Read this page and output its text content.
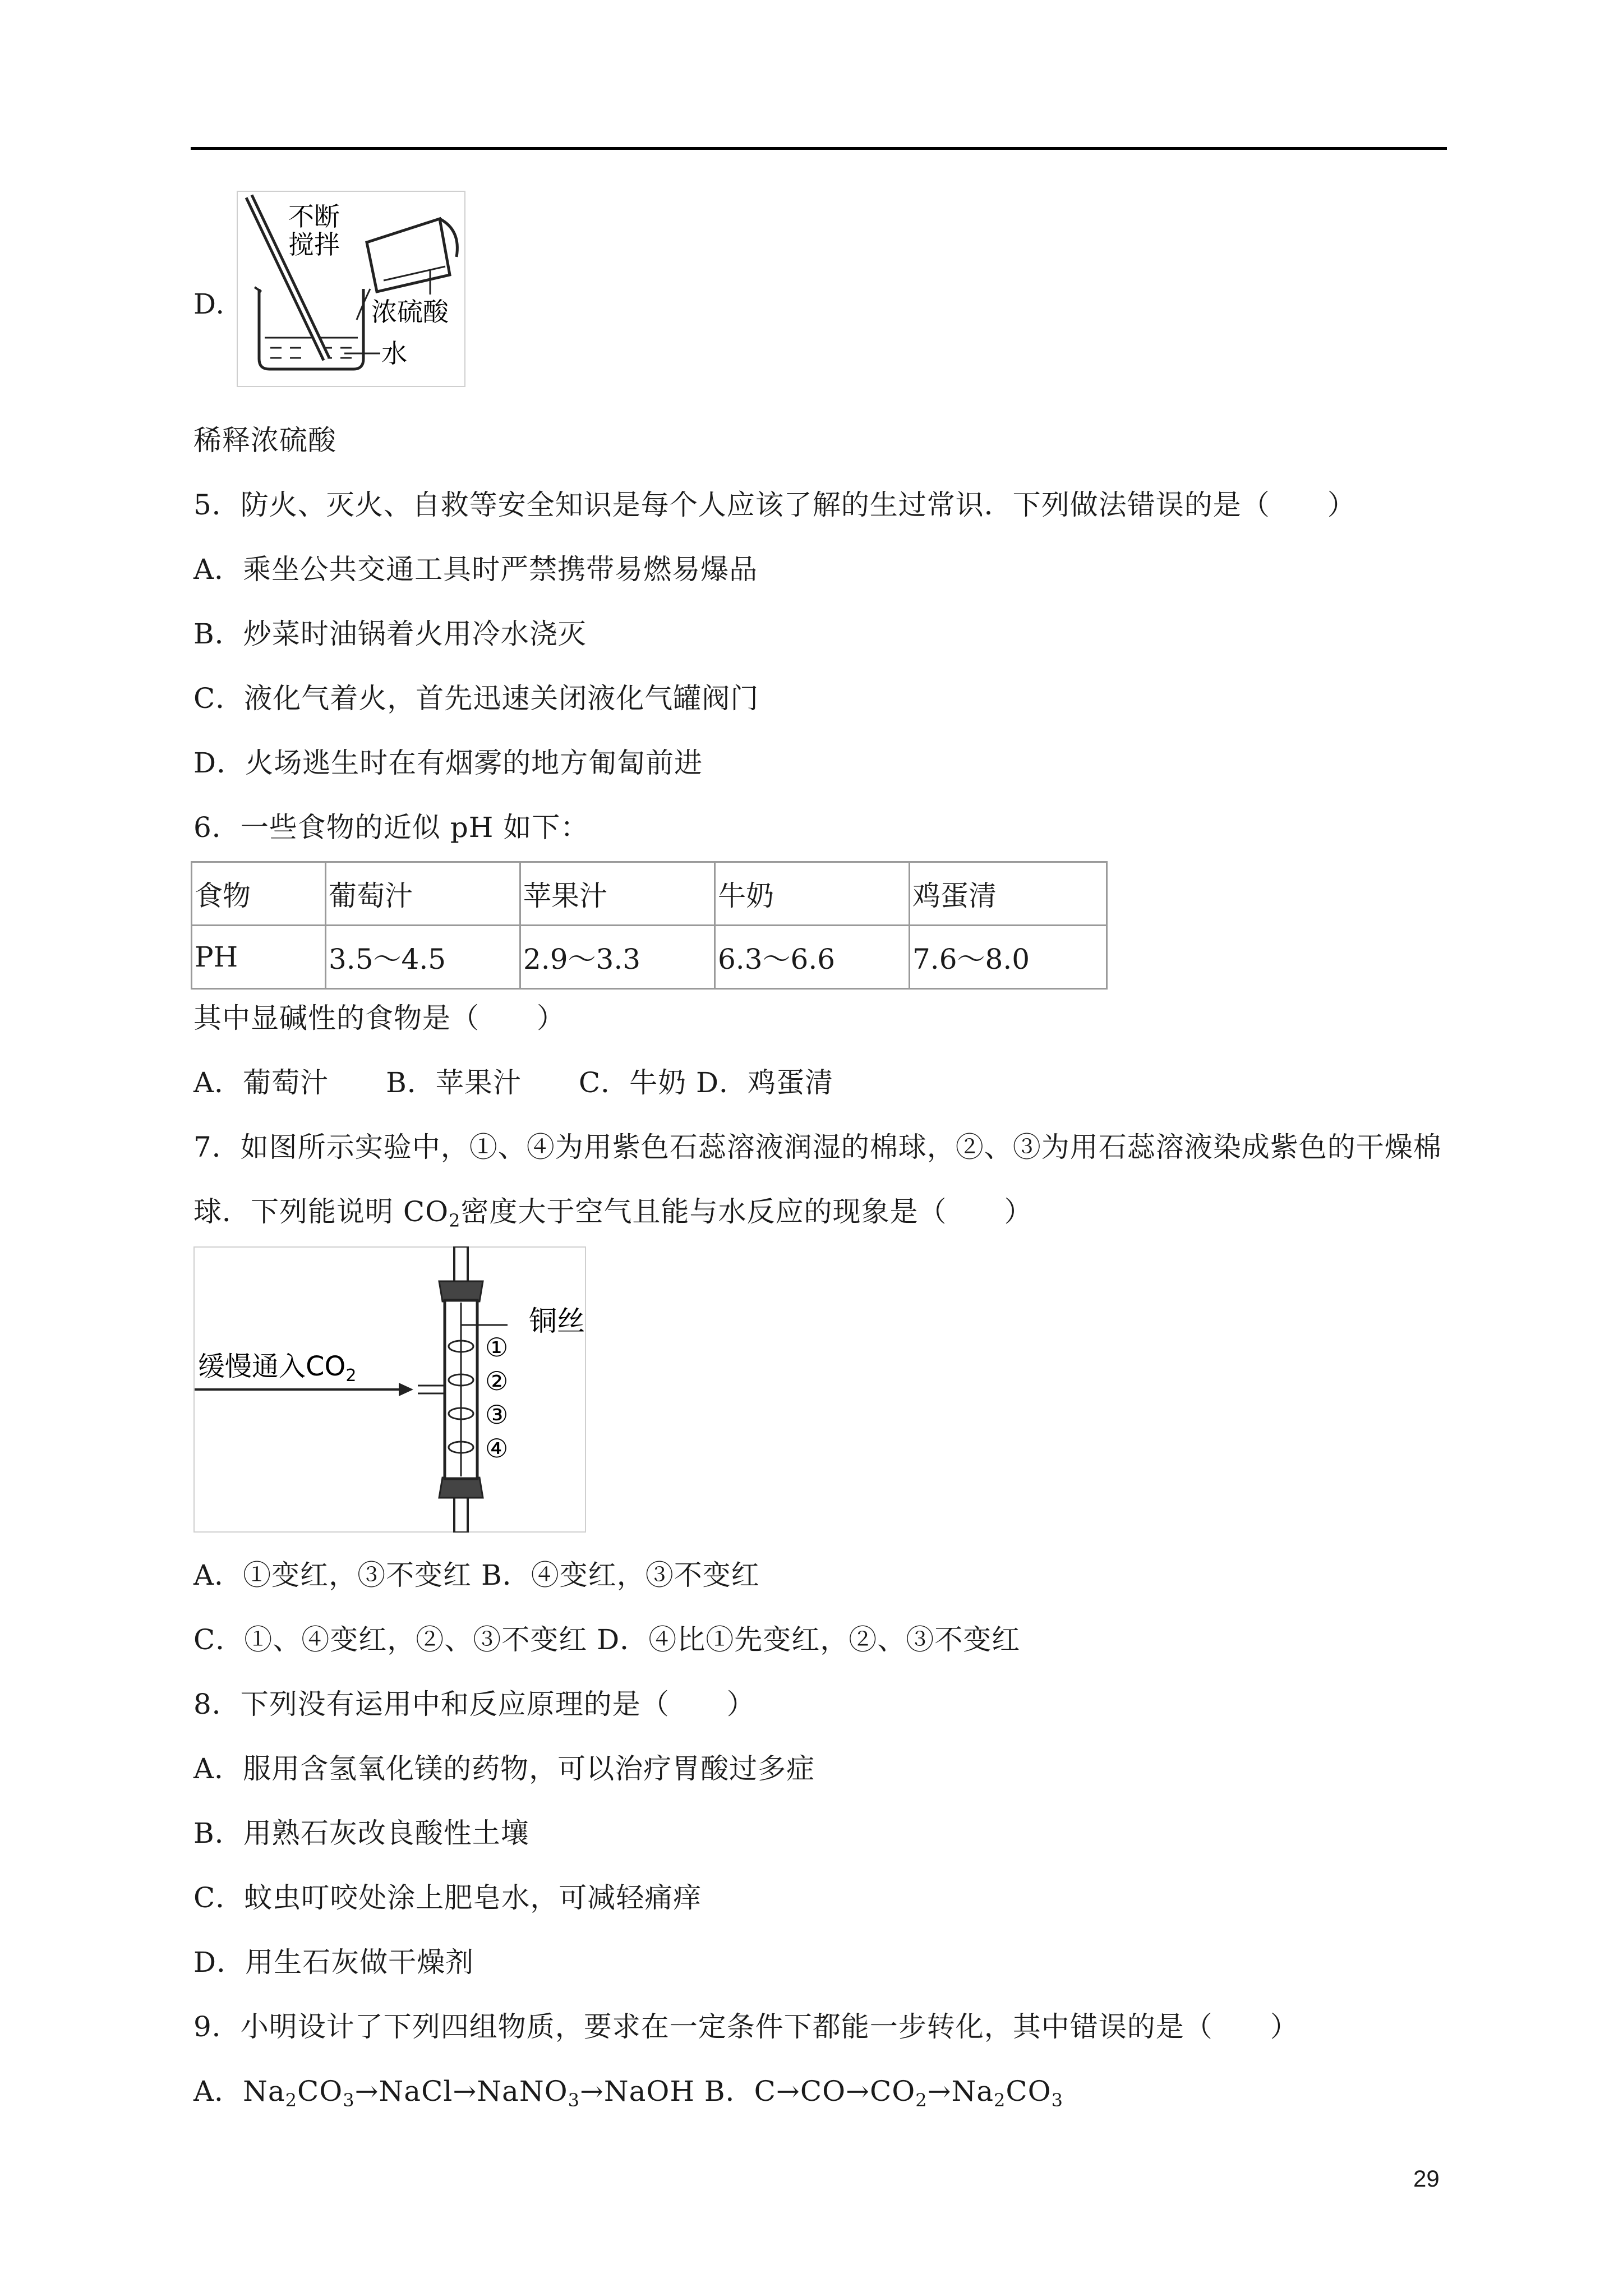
D.
不断
搅拌
浓硫酸
水
稀释浓硫酸
5．防火、灭火、自救等安全知识是每个人应该了解的生过常识．下列做法错误的是（　　）
A．乘坐公共交通工具时严禁携带易燃易爆品
B．炒菜时油锅着火用冷水浇灭
C．液化气着火，首先迅速关闭液化气罐阀门
D．火场逃生时在有烟雾的地方匍匐前进
6．一些食物的近似 pH 如下：
食物	葡萄汁	苹果汁	牛奶	鸡蛋清
PH	3.5～4.5	2.9～3.3	6.3～6.6	7.6～8.0
其中显碱性的食物是（　　）
A．葡萄汁　　B．苹果汁　　C．牛奶 D．鸡蛋清
7．如图所示实验中，①、④为用紫色石蕊溶液润湿的棉球，②、③为用石蕊溶液染成紫色的干燥棉
球．下列能说明 $CO_2$密度大于空气且能与水反应的现象是（　　）
缓慢通入$CO_2$
铜丝
①
②
③
④
A．①变红，③不变红 B．④变红，③不变红
C．①、④变红，②、③不变红 D．④比①先变红，②、③不变红
8．下列没有运用中和反应原理的是（　　）
A．服用含氢氧化镁的药物，可以治疗胃酸过多症
B．用熟石灰改良酸性土壤
C．蚊虫叮咬处涂上肥皂水，可减轻痛痒
D．用生石灰做干燥剂
9．小明设计了下列四组物质，要求在一定条件下都能一步转化，其中错误的是（　　）
A．$Na_2CO_3\to NaCl\to NaNO_3\to NaOH$ B．$C\to CO\to CO_2\to Na_2CO_3$
29
